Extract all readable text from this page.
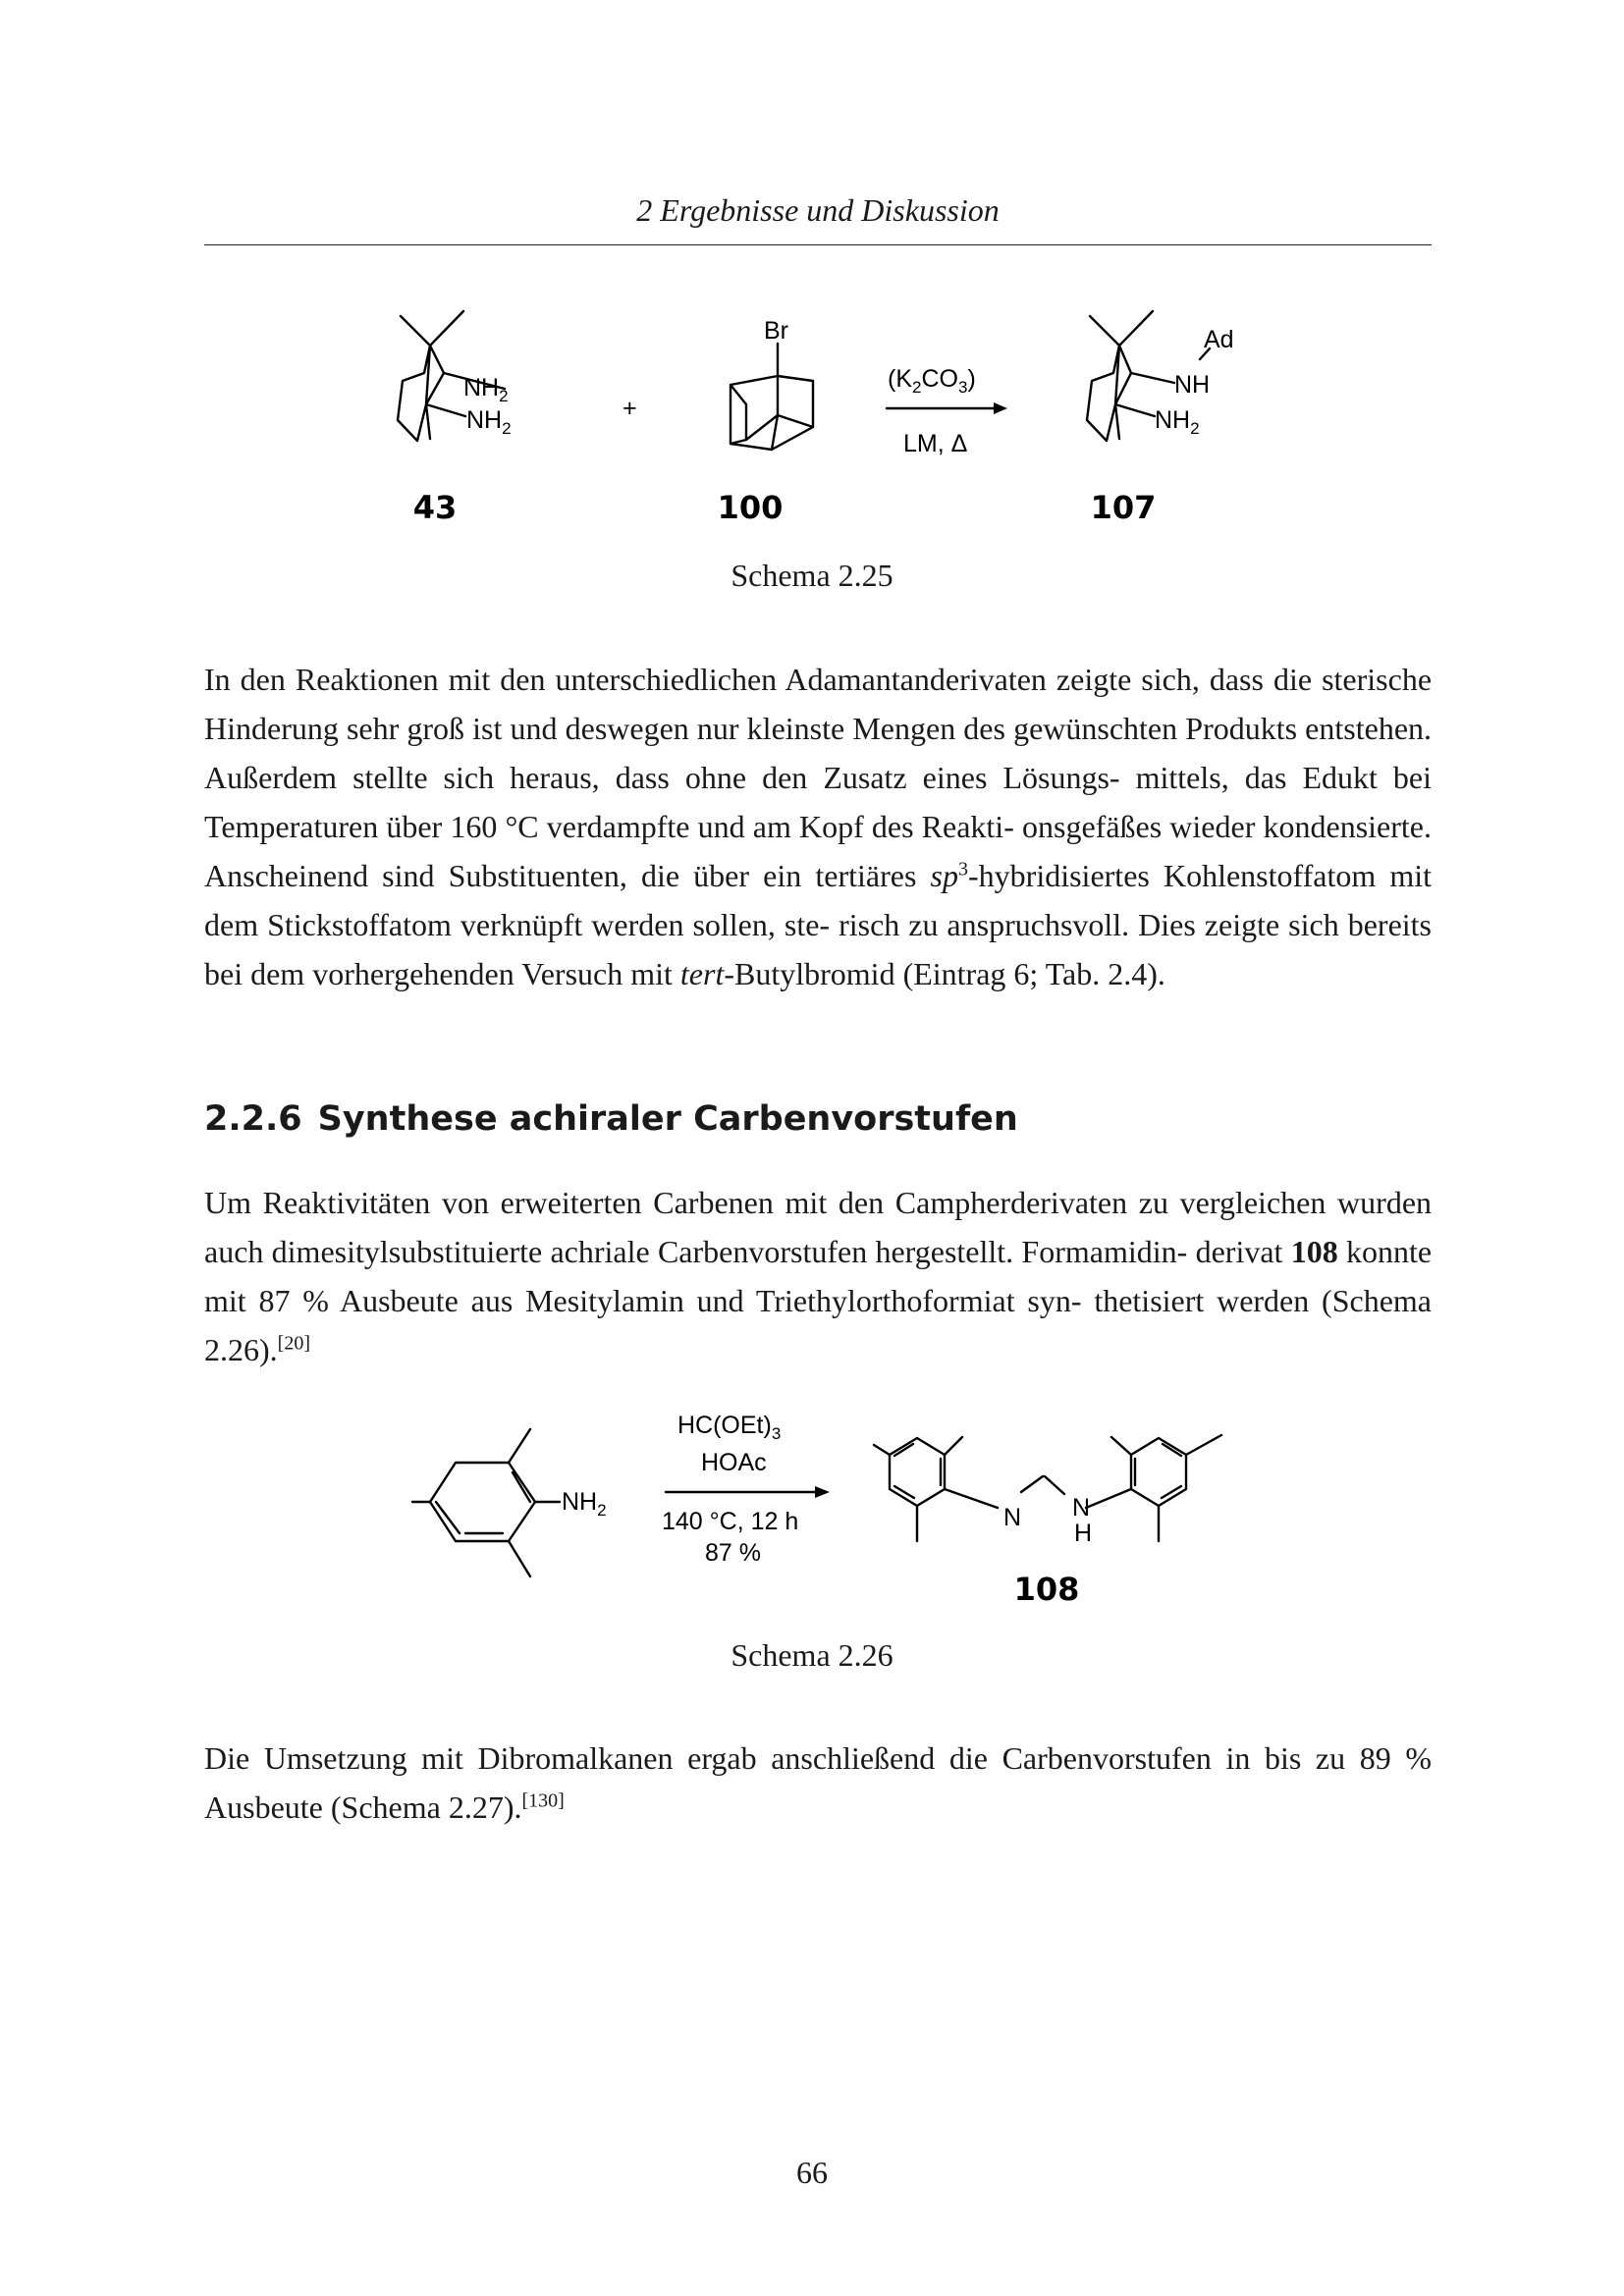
2 Ergebnisse und Diskussion
$NH_2$
$NH_2$
+
Br
$(K_2CO_3)$
LM, Δ
Ad
NH
$NH_2$
43	100	107
Schema 2.25
In den Reaktionen mit den unterschiedlichen Adamantanderivaten zeigte sich, dass die sterische Hinderung sehr groß ist und deswegen nur kleinste Mengen des gewünschten Produkts entstehen. Außerdem stellte sich heraus, dass ohne den Zusatz eines Lösungs- mittels, das Edukt bei Temperaturen über 160 °C verdampfte und am Kopf des Reakti- onsgefäßes wieder kondensierte. Anscheinend sind Substituenten, die über ein tertiäres $sp^3$-hybridisiertes Kohlenstoffatom mit dem Stickstoffatom verknüpft werden sollen, ste- risch zu anspruchsvoll. Dies zeigte sich bereits bei dem vorhergehenden Versuch mit tert-Butylbromid (Eintrag 6; Tab. 2.4).
2.2.6 Synthese achiraler Carbenvorstufen
Um Reaktivitäten von erweiterten Carbenen mit den Campherderivaten zu vergleichen wurden auch dimesitylsubstituierte achriale Carbenvorstufen hergestellt. Formamidin- derivat 108 konnte mit 87 % Ausbeute aus Mesitylamin und Triethylorthoformiat syn- thetisiert werden (Schema 2.26).[20]
$NH_2$
$HC(OEt)_3$
HOAc
140 °C, 12 h
87 %
N N
H
108
Schema 2.26
Die Umsetzung mit Dibromalkanen ergab anschließend die Carbenvorstufen in bis zu 89 % Ausbeute (Schema 2.27).[130]
66
